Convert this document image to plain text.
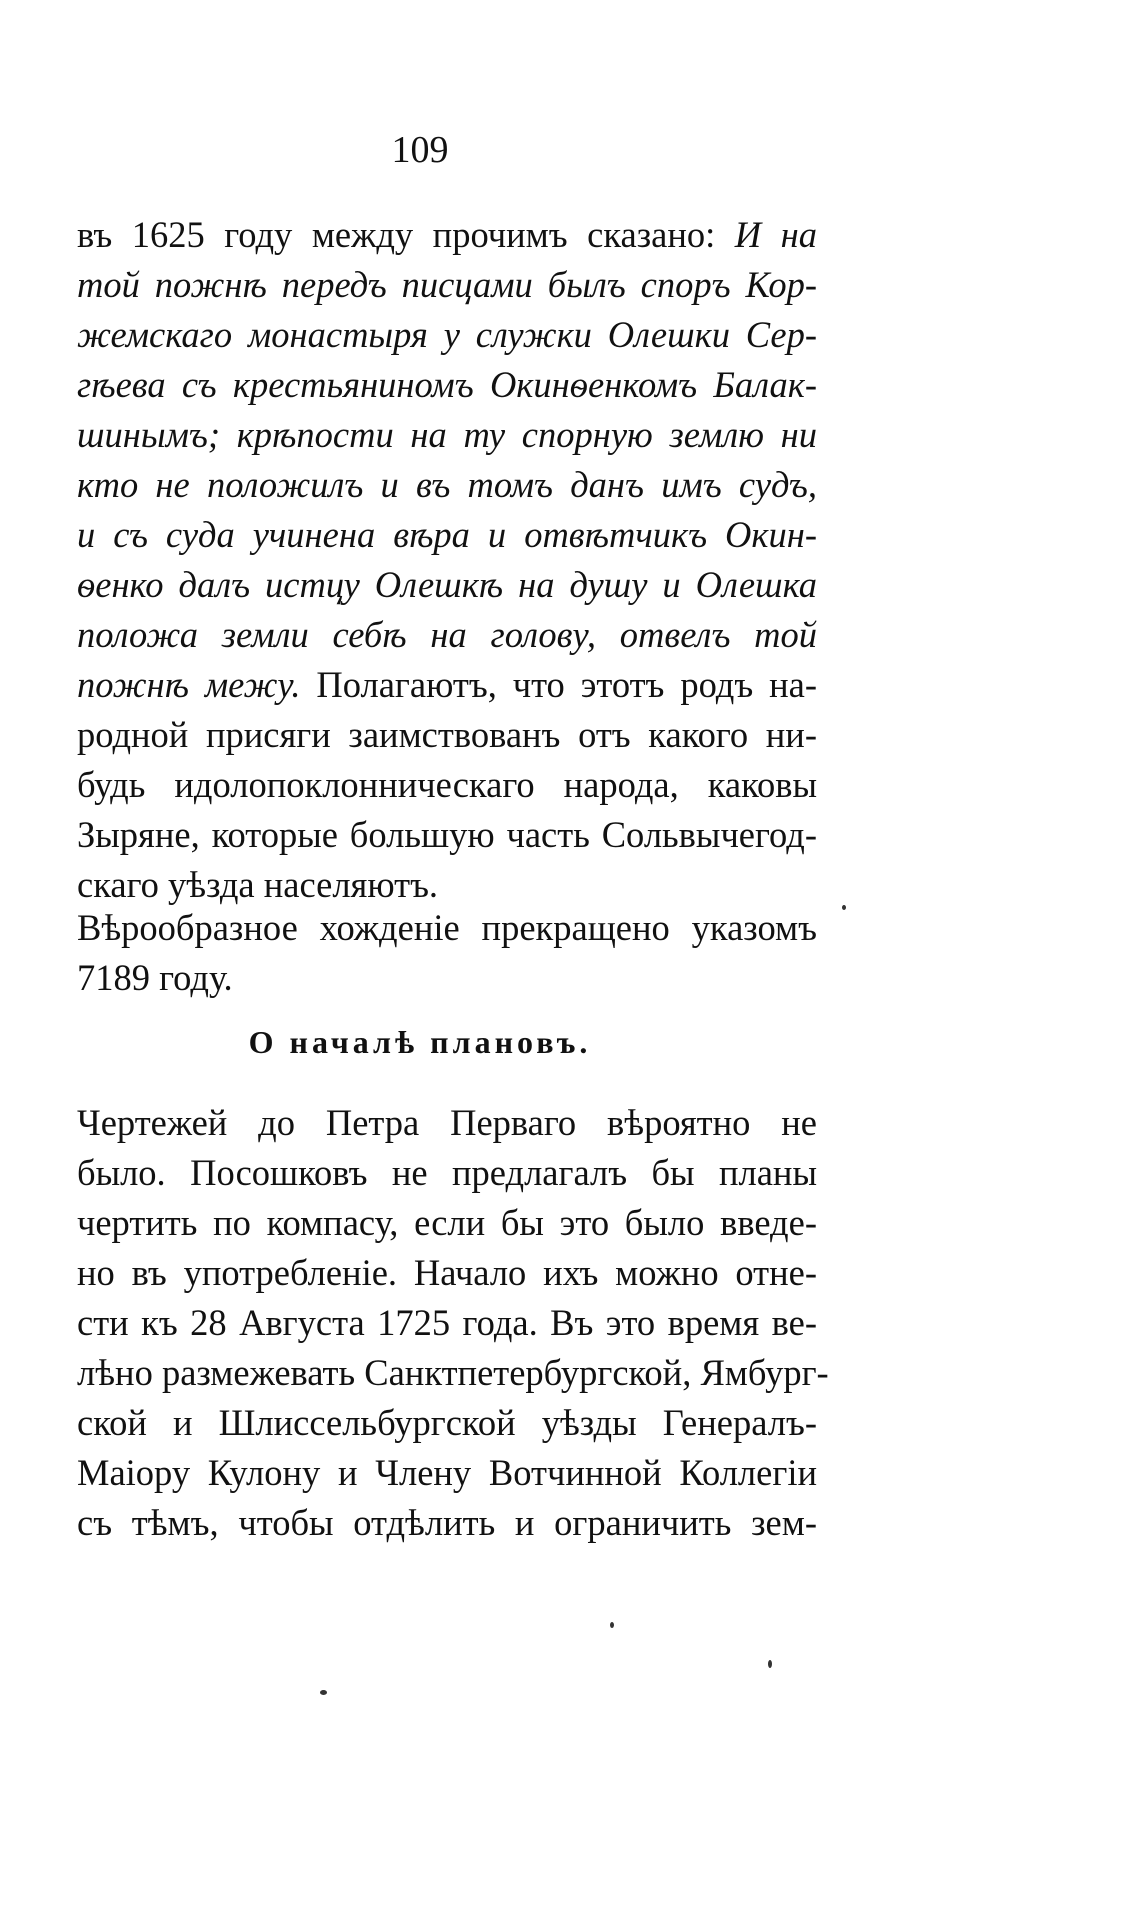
109
въ 1625 году между прочимъ сказано: И на
той пожнѣ передъ писцами былъ споръ Кор-
жемскаго монастыря у служки Олешки Сер-
гѣева съ крестьяниномъ Окинѳенкомъ Балак-
шинымъ; крѣпости на ту спорную землю ни
кто не положилъ и въ томъ данъ имъ судъ,
и съ суда учинена вѣра и отвѣтчикъ Окин-
ѳенко далъ истцу Олешкѣ на душу и Олешка
положа земли себѣ на голову, отвелъ той
пожнѣ межу. Полагаютъ, что этотъ родъ на-
родной присяги заимствованъ отъ какого ни-
будь идолопоклонническаго народа, каковы
Зыряне, которые большую часть Сольвычегод-
скаго уѣзда населяютъ.
Вѣрообразное хожденіе прекращено указомъ
7189 году.
О началѣ плановъ.
Чертежей до Петра Перваго вѣроятно не
было. Посошковъ не предлагалъ бы планы
чертить по компасу, если бы это было введе-
но въ употребленіе. Начало ихъ можно отне-
сти къ 28 Августа 1725 года. Въ это время ве-
лѣно размежевать Санктпетербургской, Ямбург-
ской и Шлиссельбургской уѣзды Генералъ-
Маіору Кулону и Члену Вотчинной Коллегіи
съ тѣмъ, чтобы отдѣлить и ограничить зем-
